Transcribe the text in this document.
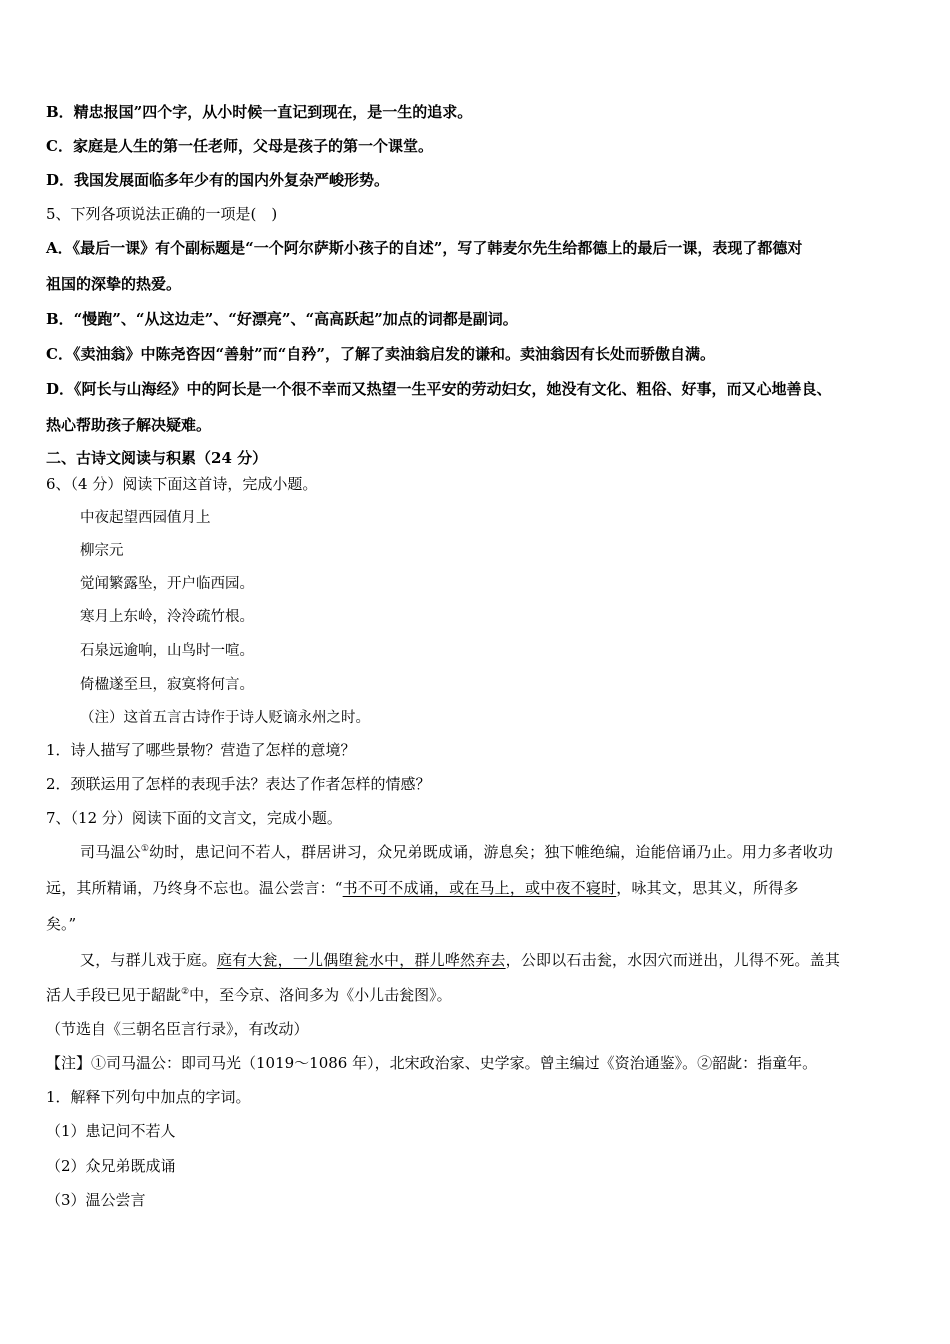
B．精忠报国”四个字，从小时候一直记到现在，是一生的追求。
C．家庭是人生的第一任老师，父母是孩子的第一个课堂。
D．我国发展面临多年少有的国内外复杂严峻形势。
5、下列各项说法正确的一项是(　)
A．《最后一课》有个副标题是“一个阿尔萨斯小孩子的自述”，写了韩麦尔先生给都德上的最后一课，表现了都德对
祖国的深挚的热爱。
B．“慢跑”、“从这边走”、“好漂亮”、“高高跃起”加点的词都是副词。
C．《卖油翁》中陈尧咨因“善射”而“自矜”，了解了卖油翁启发的谦和。卖油翁因有长处而骄傲自满。
D．《阿长与山海经》中的阿长是一个很不幸而又热望一生平安的劳动妇女，她没有文化、粗俗、好事，而又心地善良、
热心帮助孩子解决疑难。
二、古诗文阅读与积累（24 分）
6、（4 分）阅读下面这首诗，完成小题。
中夜起望西园值月上
柳宗元
觉闻繁露坠，开户临西园。
寒月上东岭，泠泠疏竹根。
石泉远逾响，山鸟时一喧。
倚楹遂至旦，寂寞将何言。
（注）这首五言古诗作于诗人贬谪永州之时。
1．诗人描写了哪些景物？营造了怎样的意境？
2．颈联运用了怎样的表现手法？表达了作者怎样的情感？
7、（12 分）阅读下面的文言文，完成小题。
司马温公①幼时，患记问不若人，群居讲习，众兄弟既成诵，游息矣；独下帷绝编，迨能倍诵乃止。用力多者收功
远，其所精诵，乃终身不忘也。温公尝言：“书不可不成诵，或在马上，或中夜不寝时，咏其文，思其义，所得多
矣。”
又，与群儿戏于庭。庭有大瓮，一儿偶堕瓮水中，群儿哗然弃去，公即以石击瓮，水因穴而迸出，儿得不死。盖其
活人手段已见于龆龀②中，至今京、洛间多为《小儿击瓮图》。
（节选自《三朝名臣言行录》，有改动）
【注】①司马温公：即司马光（1019～1086 年），北宋政治家、史学家。曾主编过《资治通鉴》。②韶龀：指童年。
1．解释下列句中加点的字词。
（1）患记问不若人
（2）众兄弟既成诵
（3）温公尝言
